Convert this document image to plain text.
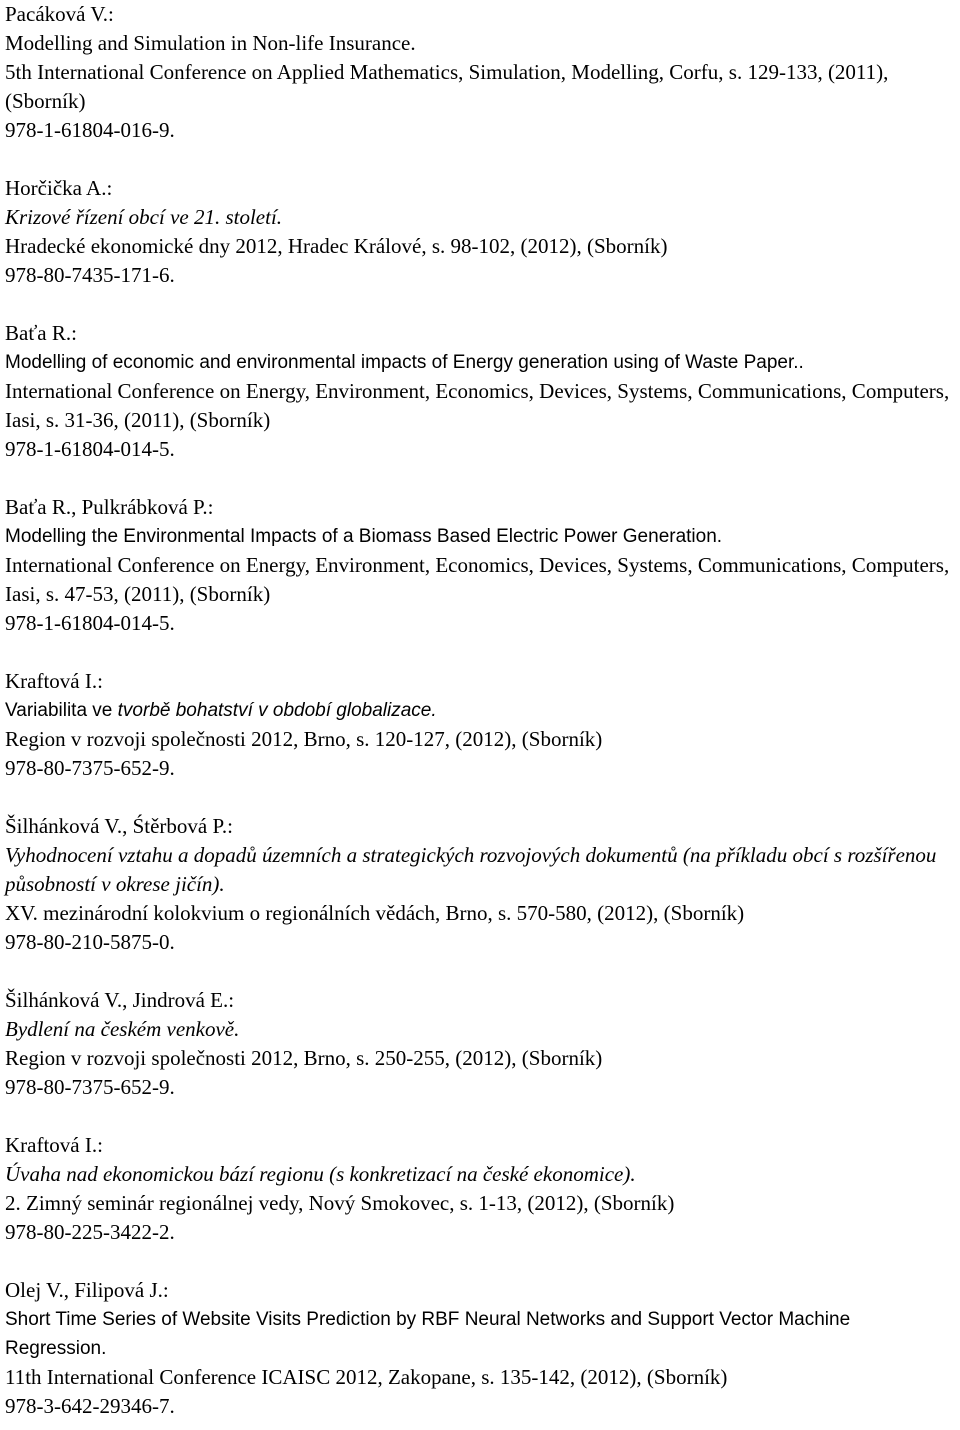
Pacáková V.:
Modelling and Simulation in Non-life Insurance.
5th International Conference on Applied Mathematics, Simulation, Modelling, Corfu, s. 129-133, (2011), (Sborník)
978-1-61804-016-9.
Horčička A.:
Krizové řízení obcí ve 21. století.
Hradecké ekonomické dny 2012, Hradec Králové, s. 98-102, (2012), (Sborník)
978-80-7435-171-6.
Baťa R.:
Modelling of economic and environmental impacts of Energy generation using of Waste Paper..
International Conference on Energy, Environment, Economics, Devices, Systems, Communications, Computers, Iasi, s. 31-36, (2011), (Sborník)
978-1-61804-014-5.
Baťa R., Pulkrábková P.:
Modelling the Environmental Impacts of a Biomass Based Electric Power Generation.
International Conference on Energy, Environment, Economics, Devices, Systems, Communications, Computers, Iasi, s. 47-53, (2011), (Sborník)
978-1-61804-014-5.
Kraftová I.:
Variabilita ve tvorbě bohatství v období globalizace.
Region v rozvoji společnosti 2012, Brno, s. 120-127, (2012), (Sborník)
978-80-7375-652-9.
Šilhánková V., Śtěrbová P.:
Vyhodnocení vztahu a dopadů územních a strategických rozvojových dokumentů (na příkladu obcí s rozšířenou působností v okrese jičín).
XV. mezinárodní kolokvium o regionálních vědách, Brno, s. 570-580, (2012), (Sborník)
978-80-210-5875-0.
Šilhánková V., Jindrová E.:
Bydlení na českém venkově.
Region v rozvoji společnosti 2012, Brno, s. 250-255, (2012), (Sborník)
978-80-7375-652-9.
Kraftová I.:
Úvaha nad ekonomickou bází regionu (s konkretizací na české ekonomice).
2. Zimný seminár regionálnej vedy, Nový Smokovec, s. 1-13, (2012), (Sborník)
978-80-225-3422-2.
Olej V., Filipová J.:
Short Time Series of Website Visits Prediction by RBF Neural Networks and Support Vector Machine Regression.
11th International Conference ICAISC 2012, Zakopane, s. 135-142, (2012), (Sborník)
978-3-642-29346-7.
